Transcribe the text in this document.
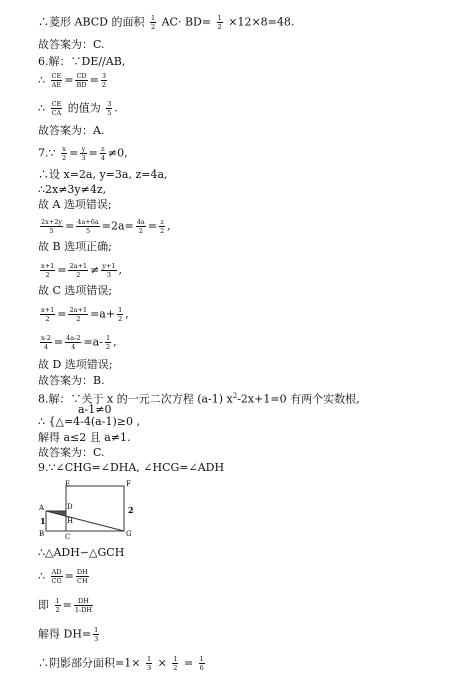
∴菱形 ABCD 的面积 $\frac{1}{2} AC\cdot BD= \frac{1}{2} \times 12\times 8=48$.
故答案为：C.
6.解：∵DE//AB,
∴ $\frac{CE}{AE} = \frac{CD}{BD} = \frac{3}{2}$
∴ $\frac{CE}{CA}$ 的值为 $\frac{3}{5}$ .
故答案为：A.
7.∵ $\frac{x}{2} = \frac{y}{3} = \frac{z}{4} \ne 0$,
∴设 x=2a, y=3a, z=4a,
∴2x≠3y≠4z,
故 A 选项错误;
$\frac{2x+2y}{5} = \frac{4a+6a}{5} =2a= \frac{4a}{2} = \frac{z}{2}$ ,
故 B 选项正确;
$\frac{x+1}{2} = \frac{2a+1}{2} \ne \frac{y+1}{3}$ ,
故 C 选项错误;
$\frac{x+1}{2} = \frac{2a+1}{2} =a+ \frac{1}{2}$ ,
$\frac{x-2}{4} = \frac{4a-2}{4} =a- \frac{1}{2}$ ,
故 D 选项错误;
故答案为：B.
8.解：∵关于 x 的一元二次方程 (a-1) $x^2-2x+1=0$ 有两个实数根,
a-1≠0
∴ {△=4-4(a-1)≥0 ,
解得 a≤2 且 a≠1.
故答案为：C.
9.∵∠CHG=∠DHA, ∠HCG=∠ADH
E	F
A	D
H
B	C	G
1
2
∴△ADH∽△GCH
∴ $\frac{AD}{CG} = \frac{DH}{CH}$
即 $\frac{1}{2} = \frac{DH}{1-DH}$
解得 $DH= \frac{1}{3}$
∴阴影部分面积$=1\times \frac{1}{3} \times \frac{1}{2} = \frac{1}{6}$
